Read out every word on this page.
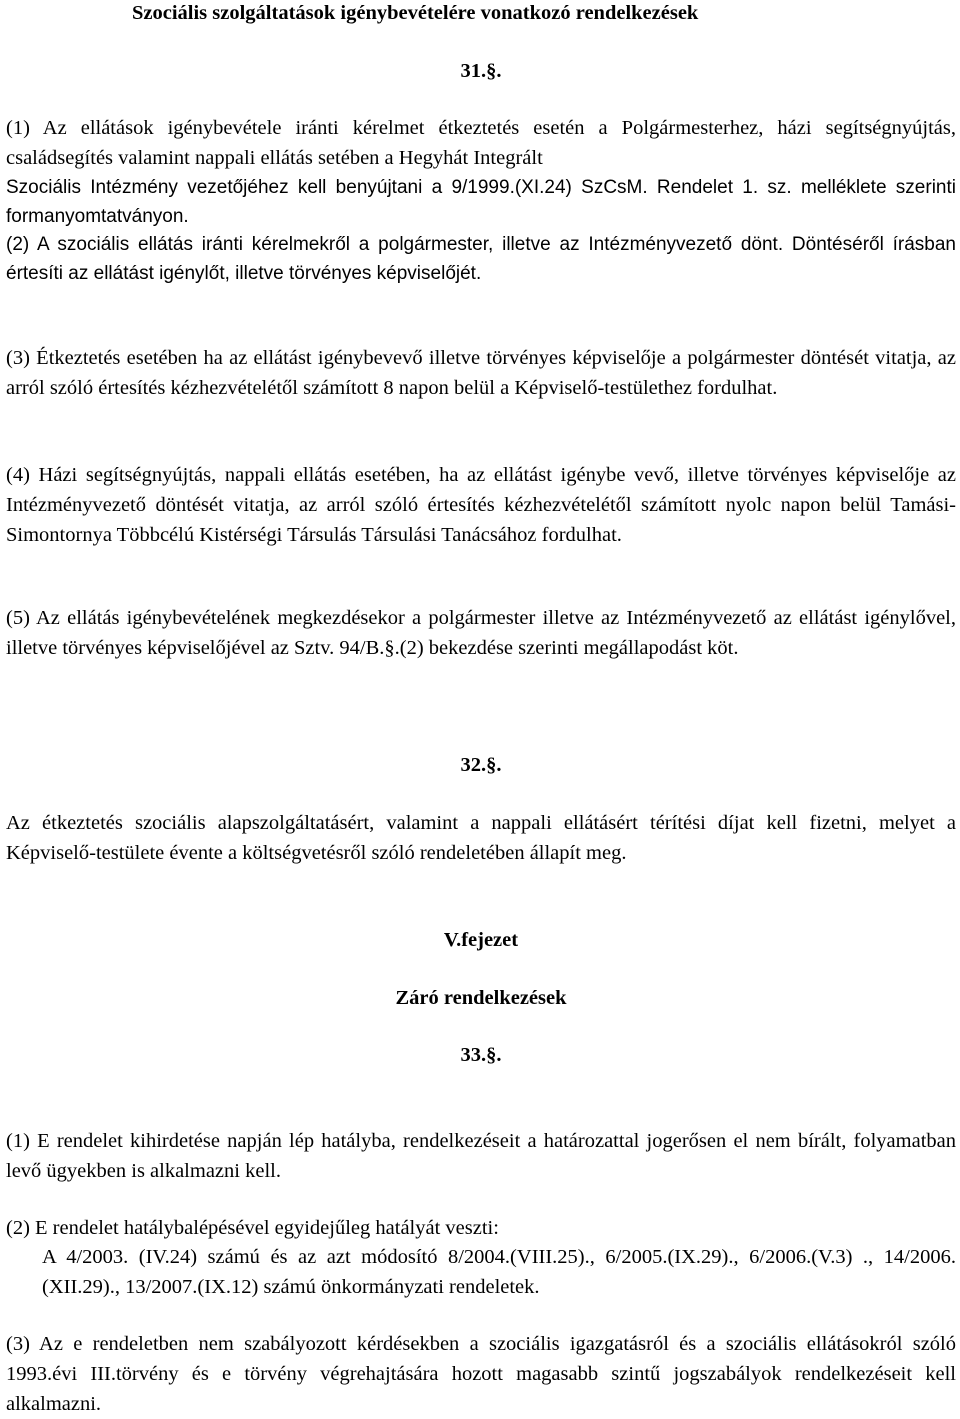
Szociális szolgáltatások igénybevételére vonatkozó rendelkezések
31.§.
(1) Az ellátások igénybevétele iránti kérelmet étkeztetés esetén a Polgármesterhez, házi segítségnyújtás, családsegítés valamint nappali ellátás setében a Hegyhát Integrált
Szociális Intézmény vezetőjéhez kell benyújtani a 9/1999.(XI.24) SzCsM. Rendelet 1. sz. melléklete szerinti formanyomtatványon.
(2) A szociális ellátás iránti kérelmekről a polgármester, illetve az Intézményvezető dönt. Döntéséről írásban értesíti az ellátást igénylőt, illetve törvényes képviselőjét.
(3) Étkeztetés esetében ha az ellátást igénybevevő illetve törvényes képviselője a polgármester döntését vitatja, az arról szóló értesítés kézhezvételétől számított 8 napon belül a Képviselő-testülethez fordulhat.
(4) Házi segítségnyújtás, nappali ellátás esetében, ha az ellátást igénybe vevő, illetve törvényes képviselője az Intézményvezető döntését vitatja, az arról szóló értesítés kézhezvételétől számított nyolc napon belül Tamási-Simontornya Többcélú Kistérségi Társulás Társulási Tanácsához fordulhat.
(5) Az ellátás igénybevételének megkezdésekor a polgármester illetve az Intézményvezető az ellátást igénylővel, illetve törvényes képviselőjével az Sztv. 94/B.§.(2) bekezdése szerinti megállapodást köt.
32.§.
Az étkeztetés szociális alapszolgáltatásért, valamint a nappali ellátásért térítési díjat kell fizetni, melyet a Képviselő-testülete évente a költségvetésről szóló rendeletében állapít meg.
V.fejezet
Záró rendelkezések
33.§.
(1) E rendelet kihirdetése napján lép hatályba, rendelkezéseit a határozattal jogerősen el nem bírált, folyamatban levő ügyekben is alkalmazni kell.
(2) E rendelet hatálybalépésével egyidejűleg hatályát veszti:
A 4/2003. (IV.24) számú és az azt módosító 8/2004.(VIII.25)., 6/2005.(IX.29)., 6/2006.(V.3) ., 14/2006.(XII.29)., 13/2007.(IX.12) számú önkormányzati rendeletek.
(3) Az e rendeletben nem szabályozott kérdésekben a szociális igazgatásról és a szociális ellátásokról szóló 1993.évi III.törvény és e törvény végrehajtására hozott magasabb szintű jogszabályok rendelkezéseit kell alkalmazni.
